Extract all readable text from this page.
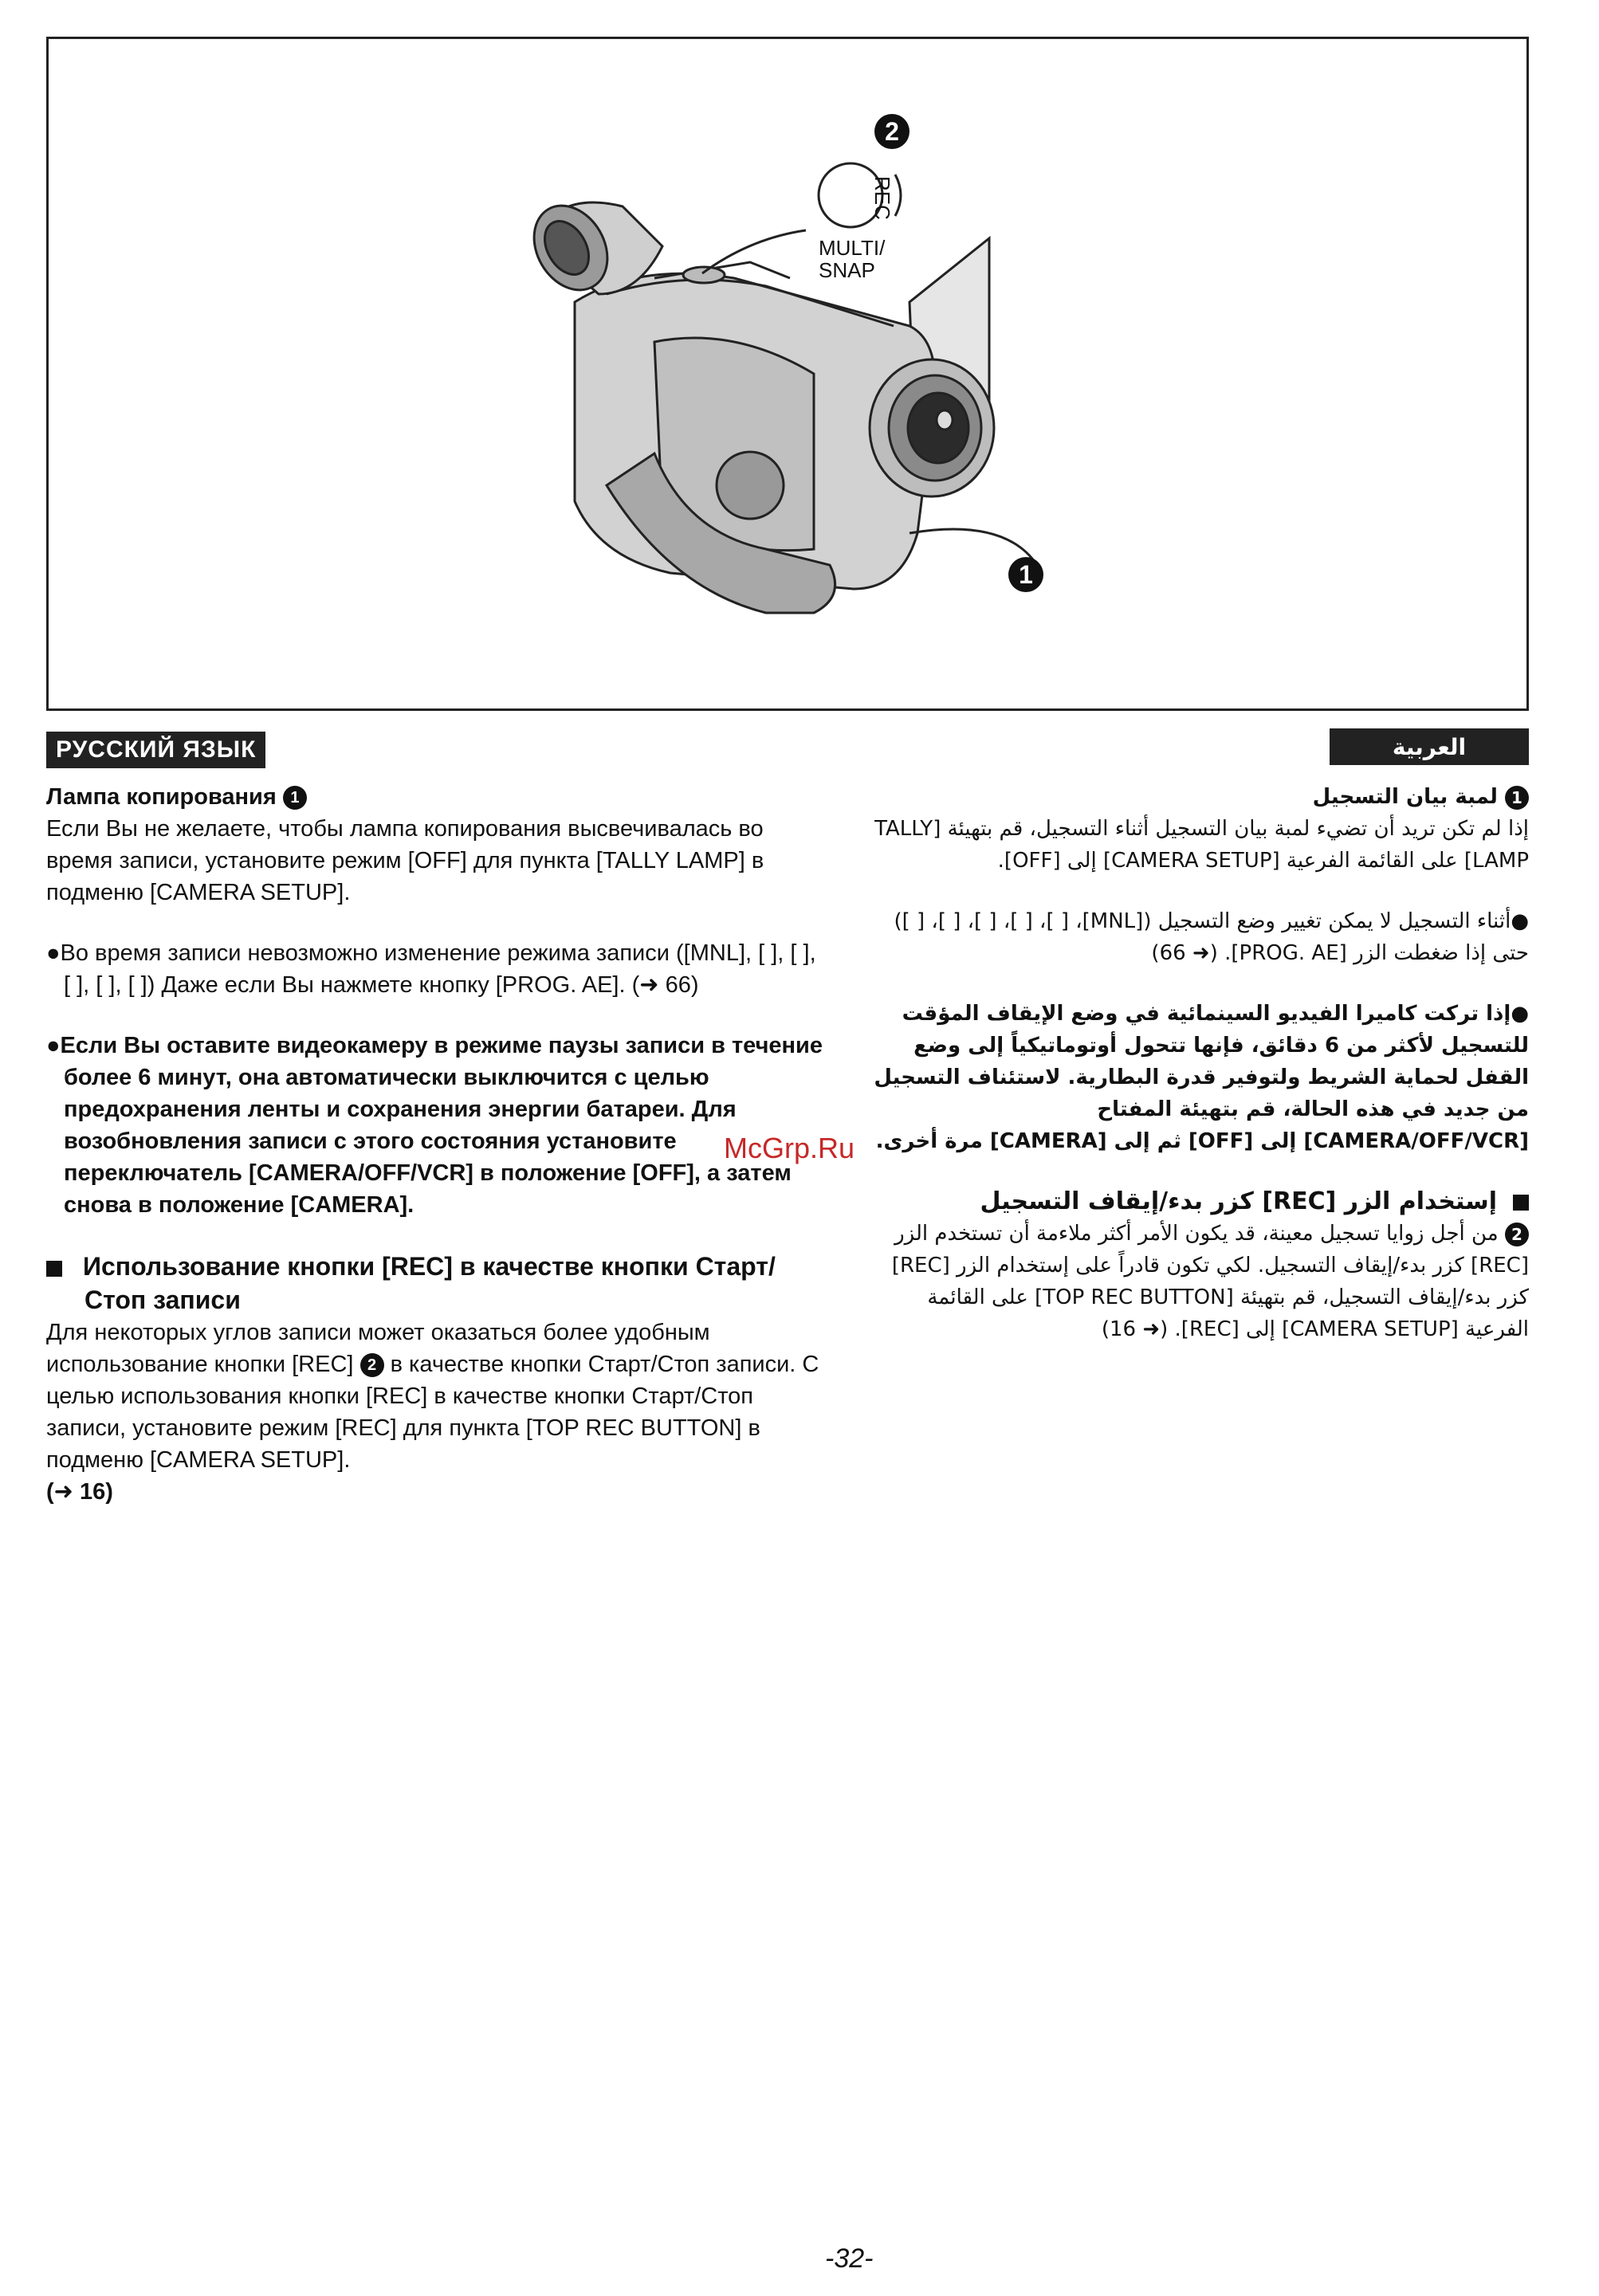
2
REC
MULTI/
SNAP
1
РУССКИЙ ЯЗЫК	العربية

Лампа копирования 1

Если Вы не желаете, чтобы лампа копирования высвечивалась во время записи, установите режим [OFF] для пункта [TALLY LAMP] в подменю [CAMERA SETUP].

●Во время записи невозможно изменение режима записи ([MNL], [ ], [ ], [ ], [ ], [ ]) Даже если Вы нажмете кнопку [PROG. AE]. (➜ 66)

●Если Вы оставите видеокамеру в режиме паузы записи в течение более 6 минут, она автоматически выключится с целью предохранения ленты и сохранения энергии батареи. Для возобновления записи с этого состояния установите переключатель [CAMERA/OFF/VCR] в положение [OFF], а затем снова в положение [CAMERA].

Использование кнопки [REC] в качестве кнопки Старт/Стоп записи

Для некоторых углов записи может оказаться более удобным использование кнопки [REC] 2 в качестве кнопки Старт/Стоп записи. С целью использования кнопки [REC] в качестве кнопки Старт/Стоп записи, установите режим [REC] для пункта [TOP REC BUTTON] в подменю [CAMERA SETUP].

(➜ 16)

1 لمبة بيان التسجيل

إذا لم تكن تريد أن تضيء لمبة بيان التسجيل أثناء التسجيل، قم بتهيئة [TALLY LAMP] على القائمة الفرعية [CAMERA SETUP] إلى [OFF].

●أثناء التسجيل لا يمكن تغيير وضع التسجيل ([MNL]، [ ]، [ ]، [ ]، [ ]، [ ]) حتى إذا ضغطت الزر [PROG. AE]. (➜ 66)

●إذا تركت كاميرا الفيديو السينمائية في وضع الإيقاف المؤقت للتسجيل لأكثر من 6 دقائق، فإنها تتحول أوتوماتيكياً إلى وضع القفل لحماية الشريط ولتوفير قدرة البطارية. لاستئناف التسجيل من جديد في هذه الحالة، قم بتهيئة المفتاح [CAMERA/OFF/VCR] إلى [OFF] ثم إلى [CAMERA] مرة أخرى.

إستخدام الزر [REC] كزر بدء/إيقاف التسجيل

2 من أجل زوايا تسجيل معينة، قد يكون الأمر أكثر ملاءمة أن تستخدم الزر [REC] كزر بدء/إيقاف التسجيل. لكي تكون قادراً على إستخدام الزر [REC] كزر بدء/إيقاف التسجيل، قم بتهيئة [TOP REC BUTTON] على القائمة الفرعية [CAMERA SETUP] إلى [REC]. (➜ 16)

McGrp.Ru
-32-
